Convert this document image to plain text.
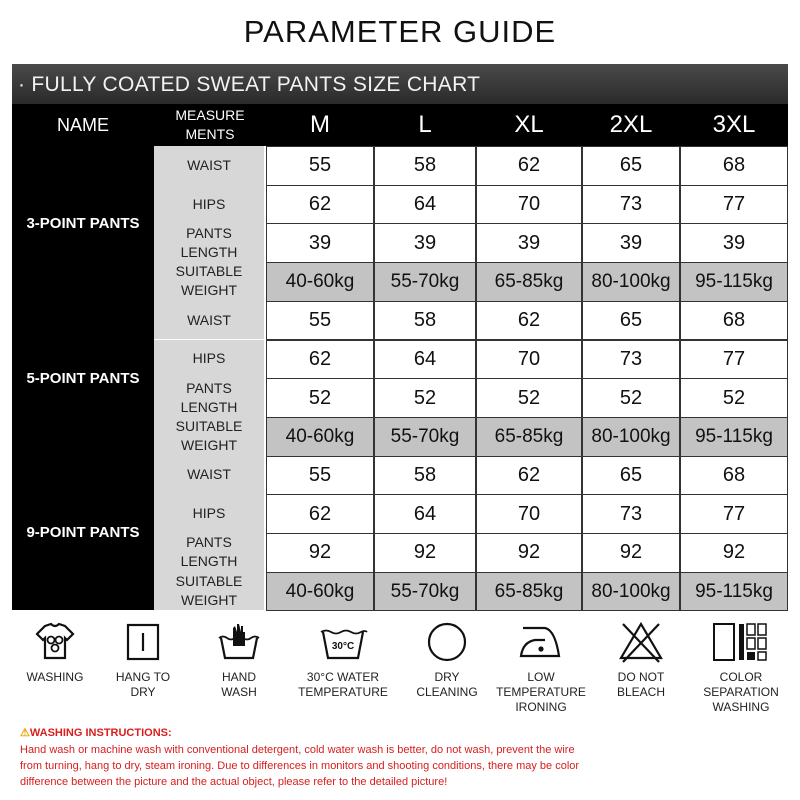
PARAMETER GUIDE
· FULLY COATED SWEAT PANTS SIZE CHART
NAME	MEASURE
MENTS	M	L	XL	2XL	3XL
3-POINT PANTS
WAIST	55	58	62	65	68
HIPS	62	64	70	73	77
PANTS
LENGTH	39	39	39	39	39
SUITABLE
WEIGHT	40-60kg	55-70kg	65-85kg	80-100kg	95-115kg
5-POINT PANTS
WAIST	55	58	62	65	68
HIPS	62	64	70	73	77
PANTS
LENGTH	52	52	52	52	52
SUITABLE
WEIGHT	40-60kg	55-70kg	65-85kg	80-100kg	95-115kg
9-POINT PANTS
WAIST	55	58	62	65	68
HIPS	62	64	70	73	77
PANTS
LENGTH	92	92	92	92	92
SUITABLE
WEIGHT	40-60kg	55-70kg	65-85kg	80-100kg	95-115kg
WASHING	HANG TO
DRY
HAND
WASH
30°C
30°C WATER
TEMPERATURE
DRY
CLEANING
LOW
TEMPERATURE
IRONING
DO NOT
BLEACH
COLOR
SEPARATION
WASHING
⚠WASHING INSTRUCTIONS:
Hand wash or machine wash with conventional detergent, cold water wash is better, do not wash, prevent the wire
from turning, hang to dry, steam ironing. Due to differences in monitors and shooting conditions, there may be color
difference between the picture and the actual object, please refer to the detailed picture!
